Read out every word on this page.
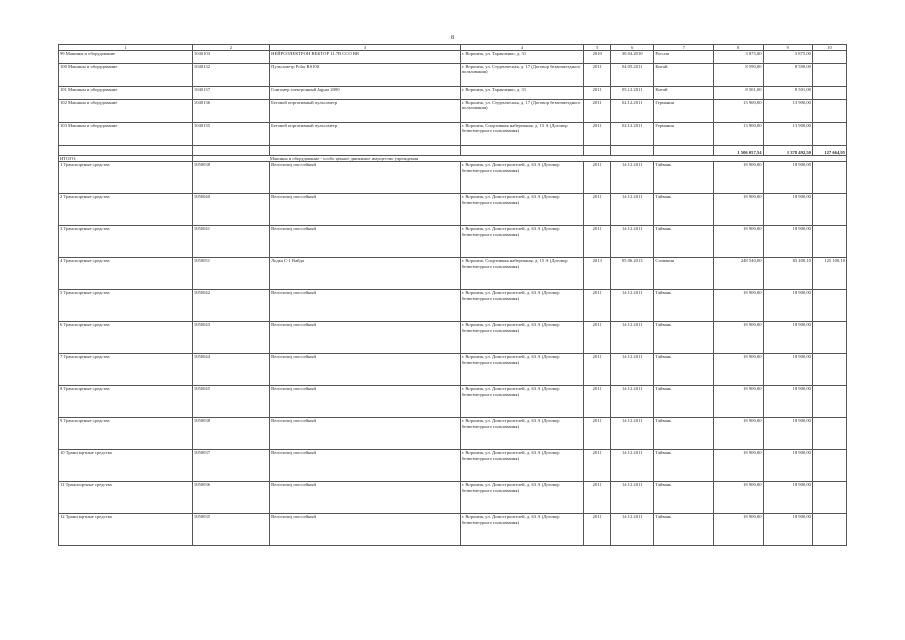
8
1	2	3	4	5	6	7	8	9	10
99 Машины и оборудование	1040103	НЕЙРОЭЛЕКТРОН ВЕКТОР 11.7В ССО ВВ	г. Воронеж, ул. Таранченко, д. 31	2010	30.04.2010	Россия	3 875,00	3 875,00	
100 Машины и оборудование	1040132	Пульсометр Polar RS100	г. Воронеж, ул. Студенческая, д. 17 (Договор безвозмездного пользования)	2011	04.05.2011	Китай	8 590,00	8 590,00	
101 Машины и оборудование	1040137	Гонгомер электронный Jaguar 2000	г. Воронеж, ул. Таранченко, д. 31	2011	05.12.2011	Китай	8 501,00	8 501,00	
102 Машины и оборудование	1040136	Беговой портативный пульсометр	г. Воронеж, ул. Студенческая, д. 17 (Договор безвозмездного пользования)	2011	02.12.2011	Германия	13 900,00	13 900,00	
103 Машины и оборудование	1040135	Беговой портативный пульсометр	г. Воронеж, Спортивная набережная, д. 15 А (Договор безвозмездного пользования)	2011	02.12.2011	Германия	13 900,00	13 900,00	
							1 506 057,54	1 378 492,50	127 664,95
ИТОГО:	Машины и оборудование - особо ценное движимое имущество учреждения								
1 Транспортные средства	1050038	Велосипед шоссейный	г. Воронеж, ул. Домостроителей, д. 63 А (Договор безвозмездного пользования)	2011	14.12.2011	Тайвань	18 900,00	18 900,00	
2 Транспортные средства	1050040	Велосипед шоссейный	г. Воронеж, ул. Домостроителей, д. 63 А (Договор безвозмездного пользования)	2011	14.12.2011	Тайвань	18 900,00	18 900,00	
3 Транспортные средства	1050041	Велосипед шоссейный	г. Воронеж, ул. Домостроителей, д. 63 А (Договор безвозмездного пользования)	2011	14.12.2011	Тайвань	18 900,00	18 900,00	
4 Транспортные средства	1050051	Лодка С-1 Вайда	г. Воронеж, Спортивная набережная, д. 15 А (Договор безвозмездного пользования)	2013	05.06.2013	Словакия	248 540,00	83 400,10	125 100,10
5 Транспортные средства	1050042	Велосипед шоссейный	г. Воронеж, ул. Домостроителей, д. 63 А (Договор безвозмездного пользования)	2011	14.12.2011	Тайвань	18 900,00	18 900,00	
6 Транспортные средства	1050043	Велосипед шоссейный	г. Воронеж, ул. Домостроителей, д. 63 А (Договор безвозмездного пользования)	2011	14.12.2011	Тайвань	18 900,00	18 900,00	
7 Транспортные средства	1050044	Велосипед шоссейный	г. Воронеж, ул. Домостроителей, д. 63 А (Договор безвозмездного пользования)	2011	14.12.2011	Тайвань	18 900,00	18 900,00	
8 Транспортные средства	1050045	Велосипед шоссейный	г. Воронеж, ул. Домостроителей, д. 63 А (Договор безвозмездного пользования)	2011	14.12.2011	Тайвань	18 900,00	18 900,00	
9 Транспортные средства	1050038	Велосипед шоссейный	г. Воронеж, ул. Домостроителей, д. 63 А (Договор безвозмездного пользования)	2011	14.12.2011	Тайвань	18 900,00	18 900,00	
10 Транспортные средства	1050037	Велосипед шоссейный	г. Воронеж, ул. Домостроителей, д. 63 А (Договор безвозмездного пользования)	2011	14.12.2011	Тайвань	18 900,00	18 900,00	
11 Транспортные средства	1050036	Велосипед шоссейный	г. Воронеж, ул. Домостроителей, д. 63 А (Договор безвозмездного пользования)	2011	14.12.2011	Тайвань	18 900,00	18 900,00	
12 Транспортные средства	1050035	Велосипед шоссейный	г. Воронеж, ул. Домостроителей, д. 63 А (Договор безвозмездного пользования)	2011	14.12.2011	Тайвань	18 900,00	18 900,00	
